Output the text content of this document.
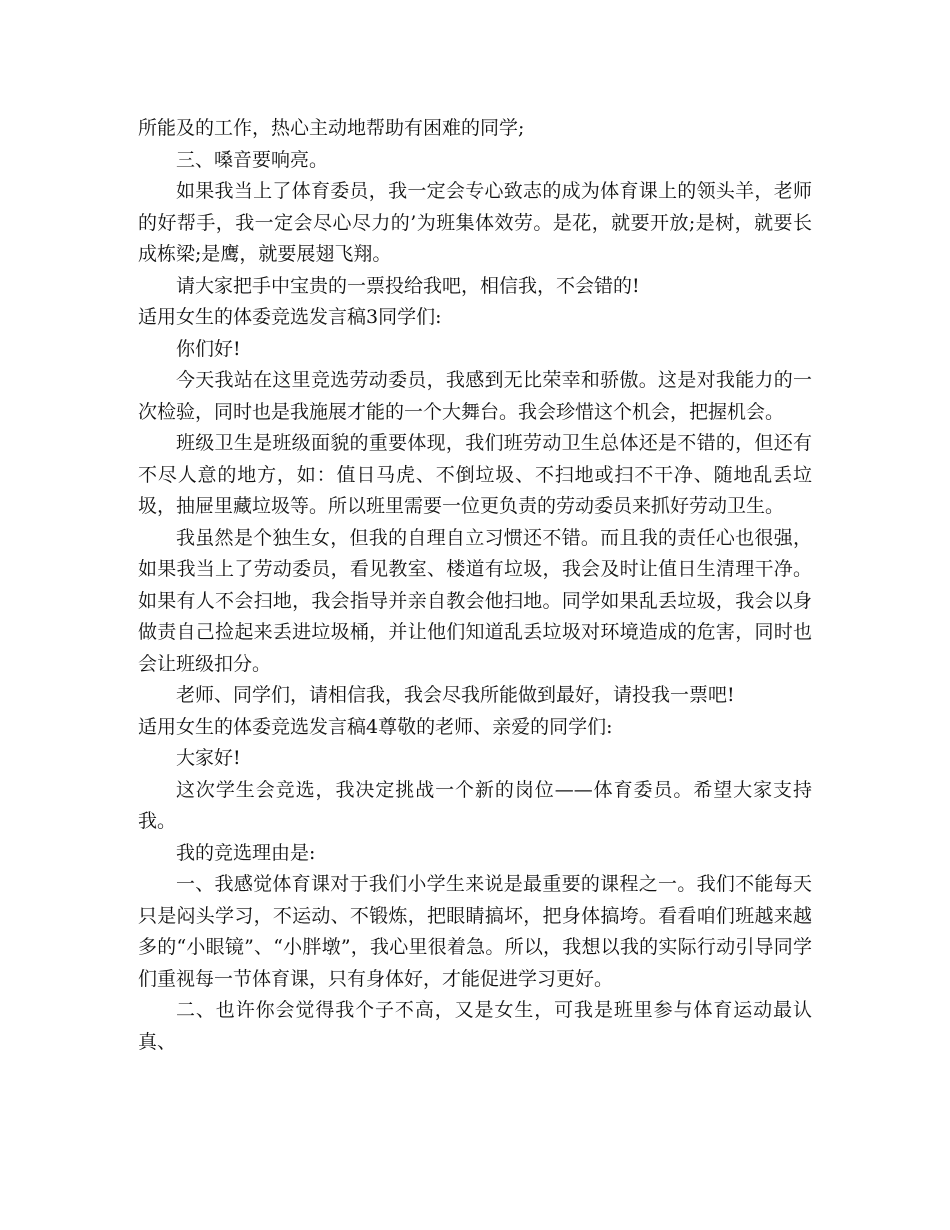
所能及的工作，热心主动地帮助有困难的同学;

三、嗓音要响亮。

如果我当上了体育委员，我一定会专心致志的成为体育课上的领头羊，老师的好帮手，我一定会尽心尽力的’为班集体效劳。是花，就要开放;是树，就要长成栋梁;是鹰，就要展翅飞翔。

请大家把手中宝贵的一票投给我吧，相信我，不会错的!

适用女生的体委竞选发言稿3同学们:

你们好!

今天我站在这里竞选劳动委员，我感到无比荣幸和骄傲。这是对我能力的一次检验，同时也是我施展才能的一个大舞台。我会珍惜这个机会，把握机会。

班级卫生是班级面貌的重要体现，我们班劳动卫生总体还是不错的，但还有不尽人意的地方，如：值日马虎、不倒垃圾、不扫地或扫不干净、随地乱丢垃圾，抽屉里藏垃圾等。所以班里需要一位更负责的劳动委员来抓好劳动卫生。

我虽然是个独生女，但我的自理自立习惯还不错。而且我的责任心也很强，如果我当上了劳动委员，看见教室、楼道有垃圾，我会及时让值日生清理干净。如果有人不会扫地，我会指导并亲自教会他扫地。同学如果乱丢垃圾，我会以身做责自己捡起来丢进垃圾桶，并让他们知道乱丢垃圾对环境造成的危害，同时也会让班级扣分。

老师、同学们，请相信我，我会尽我所能做到最好，请投我一票吧!

适用女生的体委竞选发言稿4尊敬的老师、亲爱的同学们:

大家好!

这次学生会竞选，我决定挑战一个新的岗位——体育委员。希望大家支持我。

我的竞选理由是:

一、我感觉体育课对于我们小学生来说是最重要的课程之一。我们不能每天只是闷头学习，不运动、不锻炼，把眼睛搞坏，把身体搞垮。看看咱们班越来越多的“小眼镜”、“小胖墩”，我心里很着急。所以，我想以我的实际行动引导同学们重视每一节体育课，只有身体好，才能促进学习更好。

二、也许你会觉得我个子不高，又是女生，可我是班里参与体育运动最认真、
